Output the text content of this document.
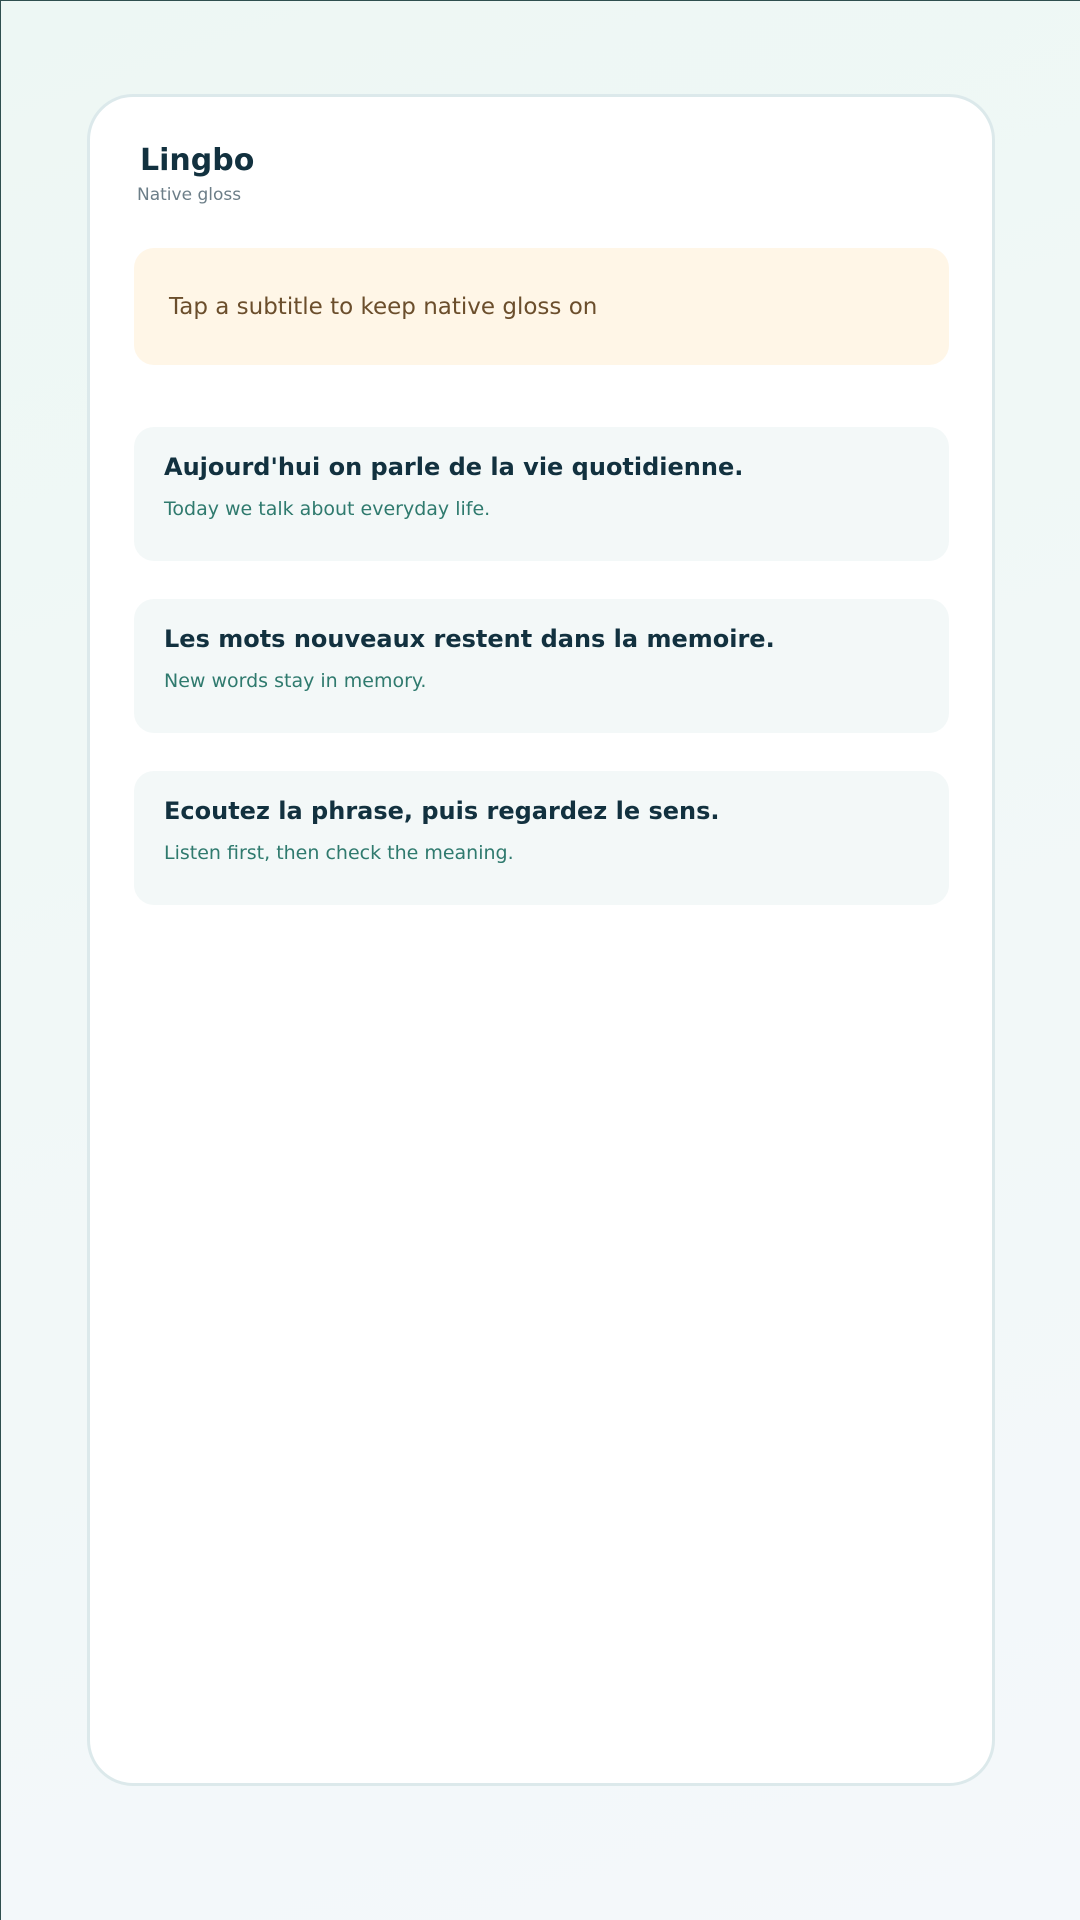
Lingbo

Native gloss

Tap a subtitle to keep native gloss on
Aujourd'hui on parle de la vie quotidienne.
Today we talk about everyday life.
Les mots nouveaux restent dans la memoire.
New words stay in memory.
Ecoutez la phrase, puis regardez le sens.
Listen first, then check the meaning.
